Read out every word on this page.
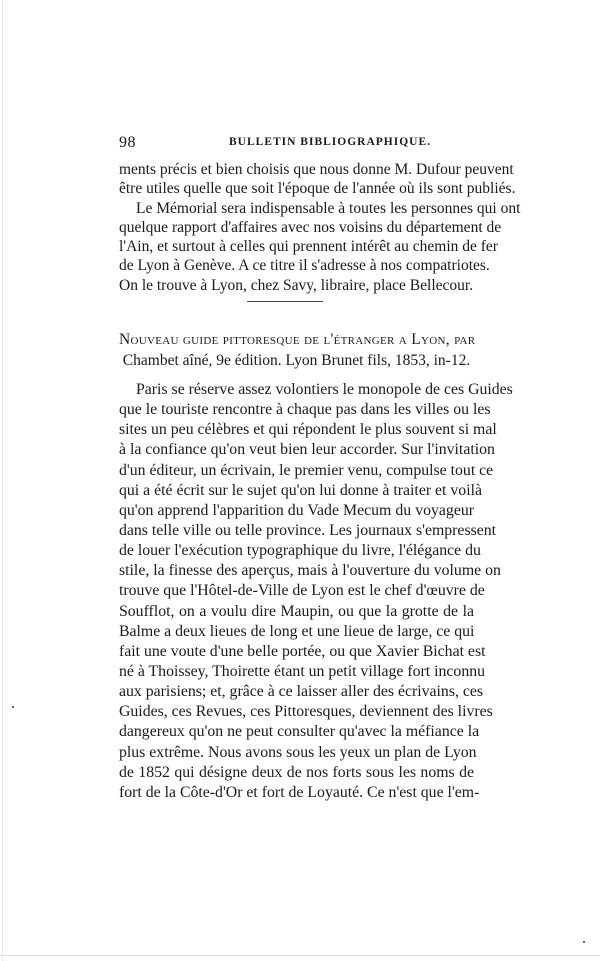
98	BULLETIN BIBLIOGRAPHIQUE.
ments précis et bien choisis que nous donne M. Dufour peuvent
être utiles quelle que soit l'époque de l'année où ils sont publiés.
Le Mémorial sera indispensable à toutes les personnes qui ont
quelque rapport d'affaires avec nos voisins du département de
l'Ain, et surtout à celles qui prennent intérêt au chemin de fer
de Lyon à Genève. A ce titre il s'adresse à nos compatriotes.
On le trouve à Lyon, chez Savy, libraire, place Bellecour.
Nouveau guide pittoresque de l'étranger a Lyon, par
Chambet aîné, 9e édition. Lyon Brunet fils, 1853, in-12.
Paris se réserve assez volontiers le monopole de ces Guides
que le touriste rencontre à chaque pas dans les villes ou les
sites un peu célèbres et qui répondent le plus souvent si mal
à la confiance qu'on veut bien leur accorder. Sur l'invitation
d'un éditeur, un écrivain, le premier venu, compulse tout ce
qui a été écrit sur le sujet qu'on lui donne à traiter et voilà
qu'on apprend l'apparition du Vade Mecum du voyageur
dans telle ville ou telle province. Les journaux s'empressent
de louer l'exécution typographique du livre, l'élégance du
stile, la finesse des aperçus, mais à l'ouverture du volume on
trouve que l'Hôtel-de-Ville de Lyon est le chef d'œuvre de
Soufflot, on a voulu dire Maupin, ou que la grotte de la
Balme a deux lieues de long et une lieue de large, ce qui
fait une voute d'une belle portée, ou que Xavier Bichat est
né à Thoissey, Thoirette étant un petit village fort inconnu
aux parisiens; et, grâce à ce laisser aller des écrivains, ces
Guides, ces Revues, ces Pittoresques, deviennent des livres
dangereux qu'on ne peut consulter qu'avec la méfiance la
plus extrême. Nous avons sous les yeux un plan de Lyon
de 1852 qui désigne deux de nos forts sous les noms de
fort de la Côte-d'Or et fort de Loyauté. Ce n'est que l'em-
